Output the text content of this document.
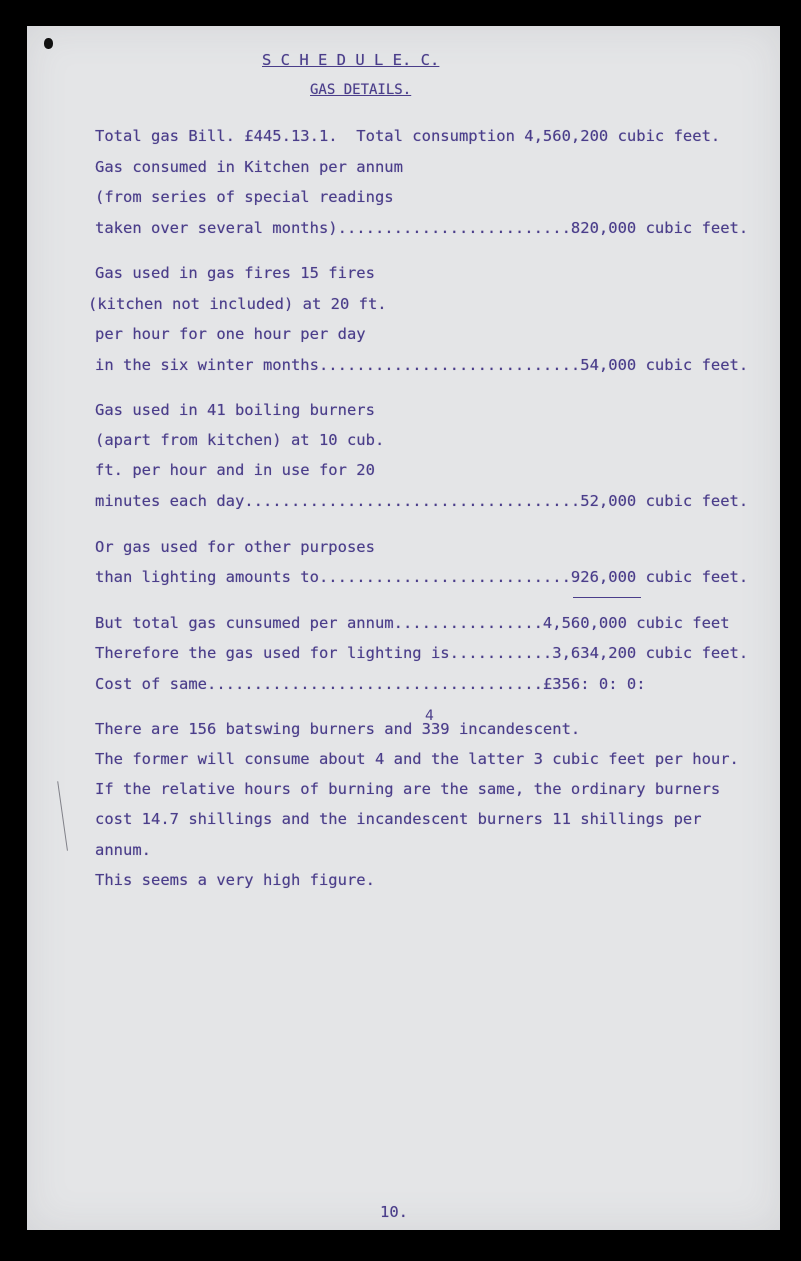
S C H E D U L E. C.
GAS DETAILS.
Total gas Bill. £445.13.1.  Total consumption 4,560,200 cubic feet.
Gas consumed in Kitchen per annum
(from series of special readings
taken over several months).........................820,000 cubic feet.
Gas used in gas fires 15 fires
(kitchen not included) at 20 ft.
per hour for one hour per day
in the six winter months............................54,000 cubic feet.
Gas used in 41 boiling burners
(apart from kitchen) at 10 cub.
ft. per hour and in use for 20
minutes each day....................................52,000 cubic feet.
Or gas used for other purposes
than lighting amounts to...........................926,000 cubic feet.
But total gas cunsumed per annum................4,560,000 cubic feet
Therefore the gas used for lighting is...........3,634,200 cubic feet.
Cost of same....................................£356: 0: 0:
4
There are 156 batswing burners and 339 incandescent.
The former will consume about 4 and the latter 3 cubic feet per hour.
If the relative hours of burning are the same, the ordinary burners
cost 14.7 shillings and the incandescent burners 11 shillings per
annum.
This seems a very high figure.
10.
